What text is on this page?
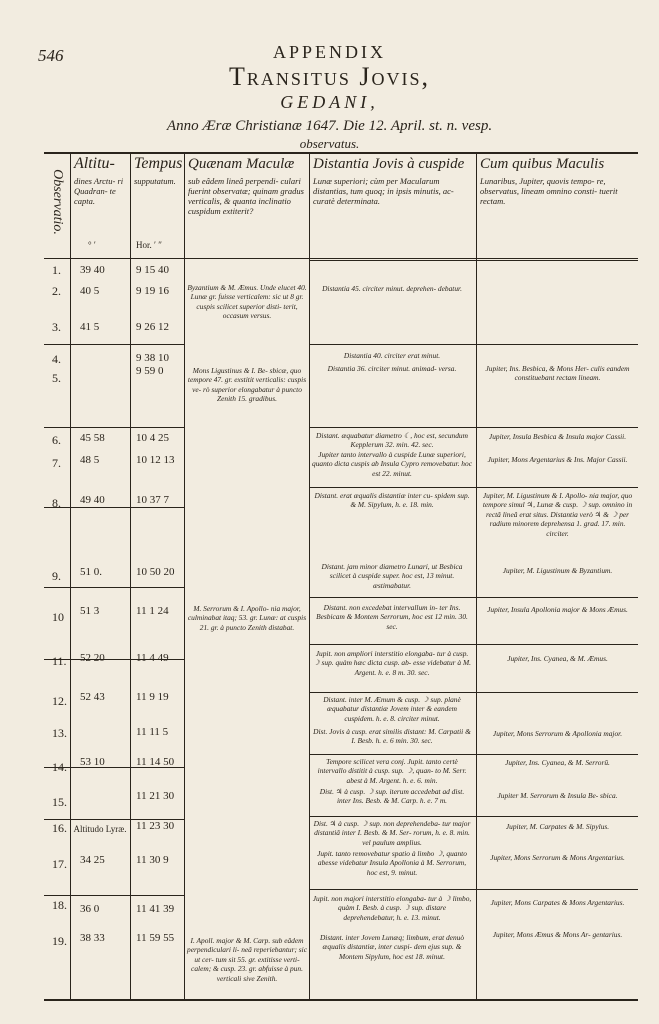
546	APPENDIX
Transitus Jovis,
GEDANI,
Anno Æræ Christianæ 1647. Die 12. April. st. n. vesp.
observatus.
Observatio.
Altitu-
dines Arctu- ri Quadran- te capta.
° ′
Tempus
supputatum.
Hor. ′ ″
Quænam Maculæ
sub eâdem lineâ perpendi- culari fuerint observatæ; quinam gradus verticalis, & quanta inclinatio cuspidum extiterit?
Distantia Jovis à cuspide
Lunæ superiori; cùm per Macularum distantias, tum quoq; in ipsis minutis, ac- curatè determinata.
Cum quibus Maculis
Lunaribus, Jupiter, quovis tempo- re, observatus, lineam omnino consti- tuerit rectam.
1.
2.
3.
4.
5.
6.
7.
8.
9.
10
11.
12.
13.
14.
15.
16.
17.
18.
19.
39 40
40 5
41 5
45 58
48 5
49 40
51 0.
51 3
52 20
52 43
53 10
Altitudo Lyræ.
34 25
36 0
38 33
9 15 40
9 19 16
9 26 12
9 38 10
9 59 0
10 4 25
10 12 13
10 37 7
10 50 20
11 1 24
11 4 49
11 9 19
11 11 5
11 14 50
11 21 30
11 23 30
11 30 9
11 41 39
11 59 55
Byzantium & M. Æmus. Unde elucet 40. Lunæ gr. fuisse verticalem: sic ut 8 gr. cuspis scilicet superior disti- terit, occasum versus.
Mons Ligustinus & I. Be- sbicæ, quo tempore 47. gr. exstitit verticalis: cuspis ve- rò superior elongabatur à puncto Zenith 15. gradibus.
M. Serrorum & I. Apollo- nia major, culminabat itaq; 53. gr. Lunæ: at cuspis 21. gr. à puncto Zenith distabat.
I. Apoll. major & M. Carp. sub eâdem perpendiculari li- neâ reperiebantur; sic ut cer- tum sit 55. gr. extitisse verti- calem; & cusp. 23. gr. abfuisse à pun. verticali sive Zenith.
Distantia 45. circiter minut. deprehen- debatur.
Distantia 40. circiter erat minut.
Distantia 36. circiter minut. animad- versa.
Distant. æquabatur diametro ☾, hoc est, secundum Kepplerum 32. min. 42. sec.
Jupiter tanto intervallo à cuspide Lunæ superiori, quanto dicta cuspis ab Insula Cypro removebatur. hoc est 22. minut.
Distant. erat æqualis distantiæ inter cu- spidem sup. & M. Sipylum, h. e. 18. min.
Distant. jam minor diametro Lunari, ut Besbica scilicet à cuspide super. hoc est, 13 minut. æstimabatur.
Distant. non excedebat intervallum in- ter Ins. Besbicam & Montem Serrorum, hoc est 12 min. 30. sec.
Jupit. non ampliori interstitio elongaba- tur à cusp. ☽ sup. quàm hæc dicta cusp. ab- esse videbatur à M. Argent. h. e. 8 m. 30. sec.
Distant. inter M. Æmum & cusp. ☽ sup. planè æquabatur distantiæ Jovem inter & eandem cuspidem. h. e. 8. circiter minut.
Dist. Jovis à cusp. erat similis distant: M. Carpatii & I. Besb. h. e. 6 min. 30. sec.
Tempore scilicet vera conj. Jupit. tanto certè intervallo distitit à cusp. sup. ☽, quan- to M. Serr. abest à M. Argent. h. e. 6. min.
Dist. ♃ à cusp. ☽ sup. iterum accedebat ad dist. inter Ins. Besb. & M. Carp. h. e. 7 m.
Dist. ♃ à cusp. ☽ sup. non deprehendeba- tur major distantiâ inter I. Besb. & M. Ser- rorum, h. e. 8. min. vel paulum amplius.
Jupit. tanto removebatur spatio à limbo ☽, quanto abesse videbatur Insula Apollonia à M. Serrorum, hoc est, 9. minut.
Jupit. non majori interstitio elongaba- tur à ☽ limbo, quàm I. Besb. à cusp. ☽ sup. distare deprehendebatur, h. e. 13. minut.
Distant. inter Jovem Lunæq; limbum, erat denuò æqualis distantiæ, inter cuspi- dem ejus sup. & Montem Sipylum, hoc est 18. minut.
Jupiter, Ins. Besbica, & Mons Her- culis eandem constituebant rectam lineam.
Jupiter, Insula Besbica & Insula major Cassii.
Jupiter, Mons Argentarius & Ins. Major Cassii.
Jupiter, M. Ligustinum & I. Apollo- nia major, quo tempore simul ♃, Lunæ & cusp. ☽ sup. omnino in rectâ lineâ erat situs. Distantia verò ♃ & ☽ per radium minorem deprehensa 1. grad. 17. min. circiter.
Jupiter, M. Ligustinum & Byzantium.
Jupiter, Insula Apollonia major & Mons Æmus.
Jupiter, Ins. Cyanea, & M. Æmus.
Jupiter, Mons Serrorum & Apollonia major.
Jupiter, Ins. Cyanea, & M. Serrorū.
Jupiter M. Serrorum & Insula Be- sbica.
Jupiter, M. Carpates & M. Sipylus.
Jupiter, Mons Serrorum & Mons Argentarius.
Jupiter, Mons Carpates & Mons Argentarius.
Jupiter, Mons Æmus & Mons Ar- gentarius.
